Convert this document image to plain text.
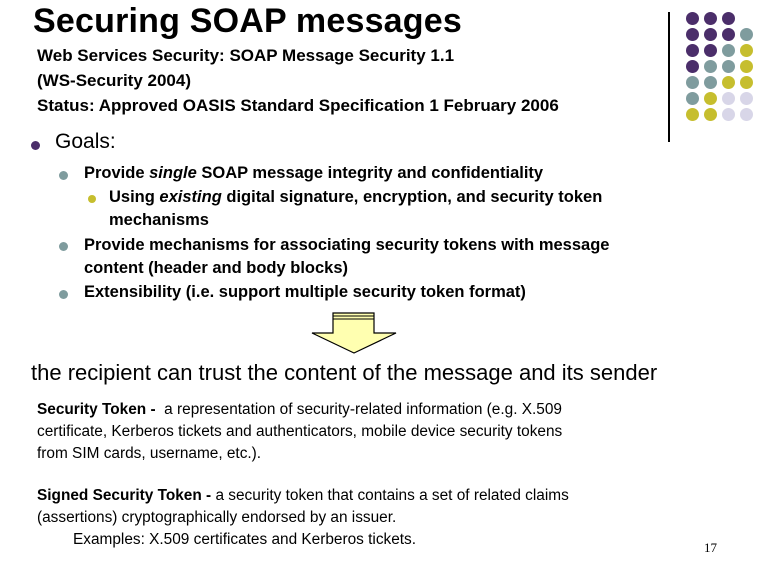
Securing SOAP messages
Web Services Security: SOAP Message Security 1.1
(WS-Security 2004)
Status: Approved OASIS Standard Specification 1 February 2006
Goals:
Provide single SOAP message integrity and confidentiality
Using existing digital signature, encryption, and security token
mechanisms
Provide mechanisms for associating security tokens with message
content (header and body blocks)
Extensibility (i.e. support multiple security token format)
the recipient can trust the content of the message and its sender
Security Token -  a representation of security-related information (e.g. X.509
certificate, Kerberos tickets and authenticators, mobile device security tokens
from SIM cards, username, etc.).
Signed Security Token - a security token that contains a set of related claims
(assertions) cryptographically endorsed by an issuer.
Examples: X.509 certificates and Kerberos tickets.	17
